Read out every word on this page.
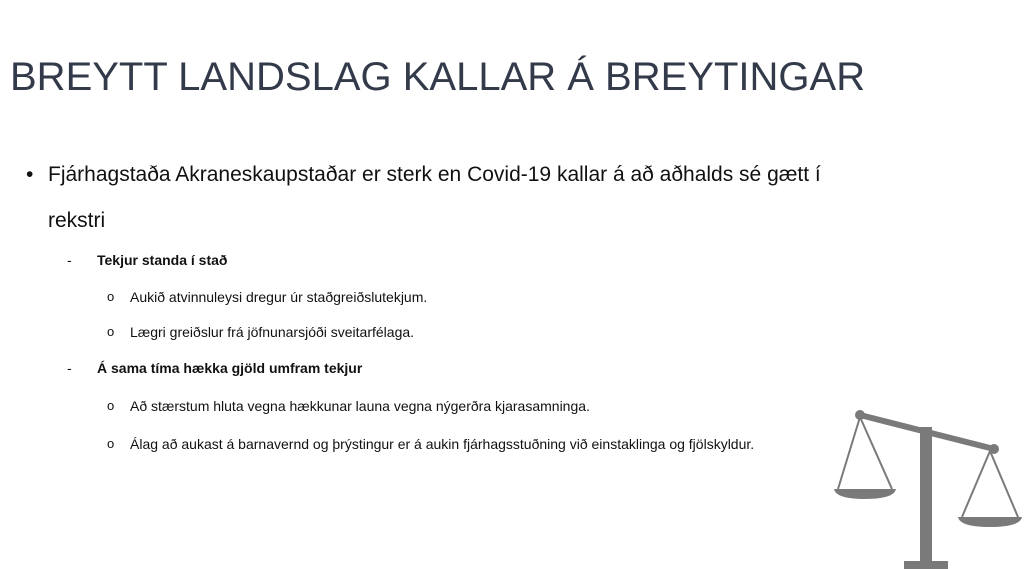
BREYTT LANDSLAG KALLAR Á BREYTINGAR
• Fjárhagstaða Akraneskaupstaðar er sterk en Covid-19 kallar á að aðhalds sé gætt í rekstri
- Tekjur standa í stað
o Aukið atvinnuleysi dregur úr staðgreiðslutekjum.
o Lægri greiðslur frá jöfnunarsjóði sveitarfélaga.
- Á sama tíma hækka gjöld umfram tekjur
o Að stærstum hluta vegna hækkunar launa vegna nýgerðra kjarasamninga.
o Álag að aukast á barnavernd og þrýstingur er á aukin fjárhagsstuðning við einstaklinga og fjölskyldur.
